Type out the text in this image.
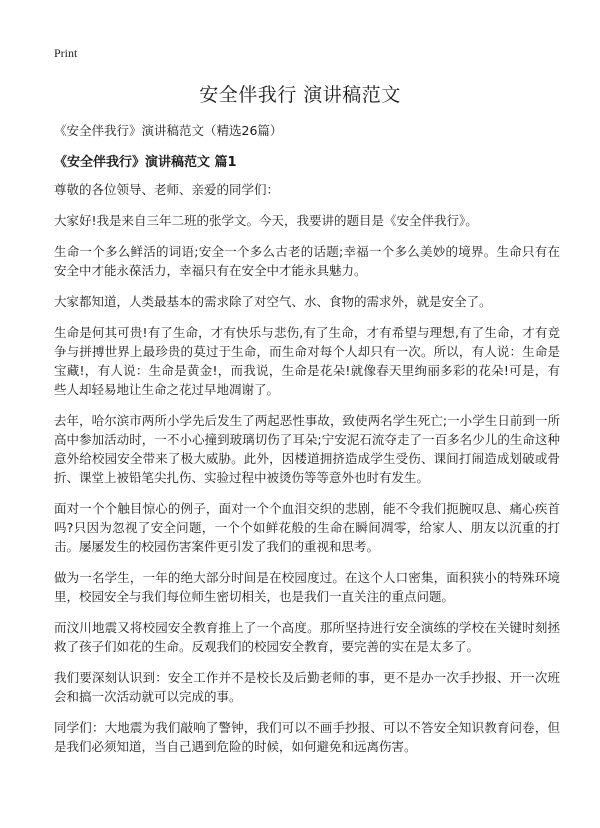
Print
安全伴我行 演讲稿范文

《安全伴我行》演讲稿范文（精选26篇）

《安全伴我行》演讲稿范文 篇1

尊敬的各位领导、老师、亲爱的同学们：

大家好!我是来自三年二班的张学文。今天，我要讲的题目是《安全伴我行》。

生命一个多么鲜活的词语;安全一个多么古老的话题;幸福一个多么美妙的境界。生命只有在安全中才能永葆活力，幸福只有在安全中才能永具魅力。

大家都知道，人类最基本的需求除了对空气、水、食物的需求外，就是安全了。

生命是何其可贵!有了生命，才有快乐与悲伤,有了生命，才有希望与理想,有了生命，才有竞争与拼搏世界上最珍贵的莫过于生命，而生命对每个人却只有一次。所以，有人说：生命是宝藏!，有人说：生命是黄金!，而我说，生命是花朵!就像春天里绚丽多彩的花朵!可是，有些人却轻易地让生命之花过早地凋谢了。

去年，哈尔滨市两所小学先后发生了两起恶性事故，致使两名学生死亡;一小学生日前到一所高中参加活动时，一不小心撞到玻璃切伤了耳朵;宁安泥石流夺走了一百多名少儿的生命这种意外给校园安全带来了极大威胁。此外，因楼道拥挤造成学生受伤、课间打闹造成划破或骨折、课堂上被铅笔尖扎伤、实验过程中被烫伤等等意外也时有发生。

面对一个个触目惊心的例子，面对一个个血泪交织的悲剧，能不令我们扼腕叹息、痛心疾首吗?只因为忽视了安全问题，一个个如鲜花般的生命在瞬间凋零，给家人、朋友以沉重的打击。屡屡发生的校园伤害案件更引发了我们的重视和思考。

做为一名学生，一年的绝大部分时间是在校园度过。在这个人口密集，面积狭小的特殊环境里，校园安全与我们每位师生密切相关，也是我们一直关注的重点问题。

而汶川地震又将校园安全教育推上了一个高度。那所坚持进行安全演练的学校在关键时刻拯救了孩子们如花的生命。反观我们的校园安全教育，要完善的实在是太多了。

我们要深刻认识到：安全工作并不是校长及后勤老师的事，更不是办一次手抄报、开一次班会和搞一次活动就可以完成的事。

同学们：大地震为我们敲响了警钟，我们可以不画手抄报、可以不答安全知识教育问卷，但是我们必须知道，当自己遇到危险的时候，如何避免和远离伤害。
